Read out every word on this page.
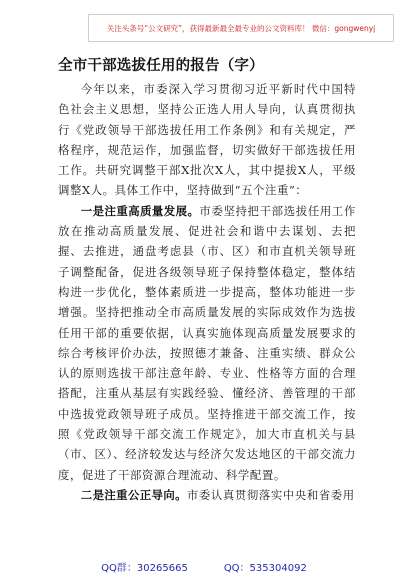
关注头条号“公文研究”，获得最新最全最专业的公文资料库！ 微信：gongwenyj
全市干部选拔任用的报告（字）

今年以来，市委深入学习贯彻习近平新时代中国特色社会主义思想，坚持公正选人用人导向，认真贯彻执行《党政领导干部选拔任用工作条例》和有关规定，严格程序，规范运作，加强监督，切实做好干部选拔任用工作。共研究调整干部X批次X人，其中提拔X人，平级调整X人。具体工作中，坚持做到“五个注重”：

一是注重高质量发展。市委坚持把干部选拔任用工作放在推动高质量发展、促进社会和谐中去谋划、去把握、去推进，通盘考虑县（市、区）和市直机关领导班子调整配备，促进各级领导班子保持整体稳定，整体结构进一步优化，整体素质进一步提高，整体功能进一步增强。坚持把推动全市高质量发展的实际成效作为选拔任用干部的重要依据，认真实施体现高质量发展要求的综合考核评价办法，按照德才兼备、注重实绩、群众公认的原则选拔干部注意年龄、专业、性格等方面的合理搭配，注重从基层有实践经验、懂经济、善管理的干部中选拔党政领导班子成员。坚持推进干部交流工作，按照《党政领导干部交流工作规定》，加大市直机关与县（市、区）、经济较发达与经济欠发达地区的干部交流力度，促进了干部资源合理流动、科学配置。

二是注重公正导向。市委认真贯彻落实中央和省委用

QQ群：30265665	QQ：535304092
